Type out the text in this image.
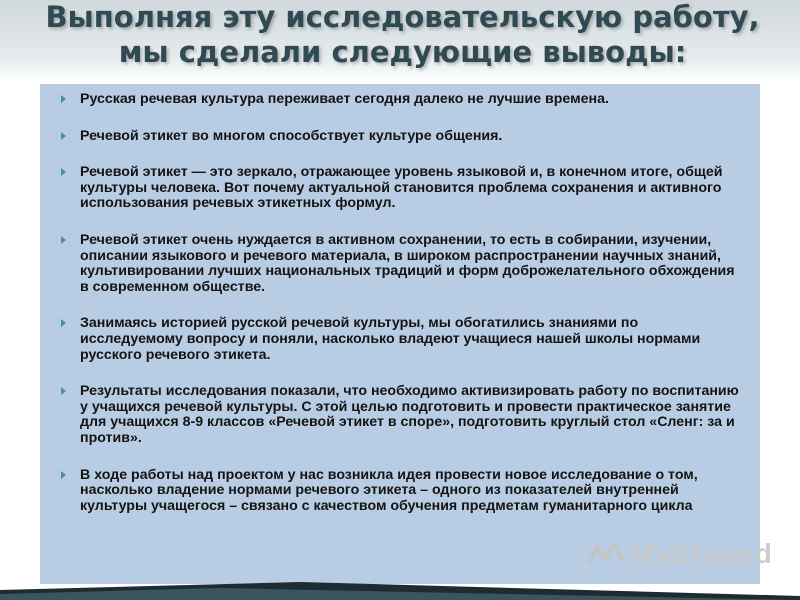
Выполняя эту исследовательскую работу,
мы сделали следующие выводы:
Русская речевая культура переживает сегодня далеко не лучшие времена.
Речевой этикет во многом способствует культуре общения.
Речевой этикет — это зеркало, отражающее уровень языковой и, в конечном итоге, общей культуры человека. Вот почему актуальной становится проблема сохранения и активного использования речевых этикетных формул.
Речевой этикет очень нуждается в активном сохранении, то есть в собирании, изучении, описании языкового и речевого материала, в широком распространении научных знаний, культивировании лучших национальных традиций и форм доброжелательного обхождения в современном обществе.
Занимаясь историей русской речевой культуры, мы обогатились знаниями по исследуемому вопросу и поняли, насколько владеют учащиеся нашей школы нормами русского речевого этикета.
Результаты исследования показали, что необходимо активизировать работу по воспитанию у учащихся речевой культуры. С этой целью подготовить и провести практическое занятие для учащихся 8-9 классов «Речевой этикет в споре», подготовить круглый стол «Сленг: за и против».
В ходе работы над проектом у нас возникла идея провести новое исследование о том, насколько владение нормами речевого этикета – одного из показателей внутренней культуры учащегося – связано с качеством обучения предметам гуманитарного цикла
MyShared
